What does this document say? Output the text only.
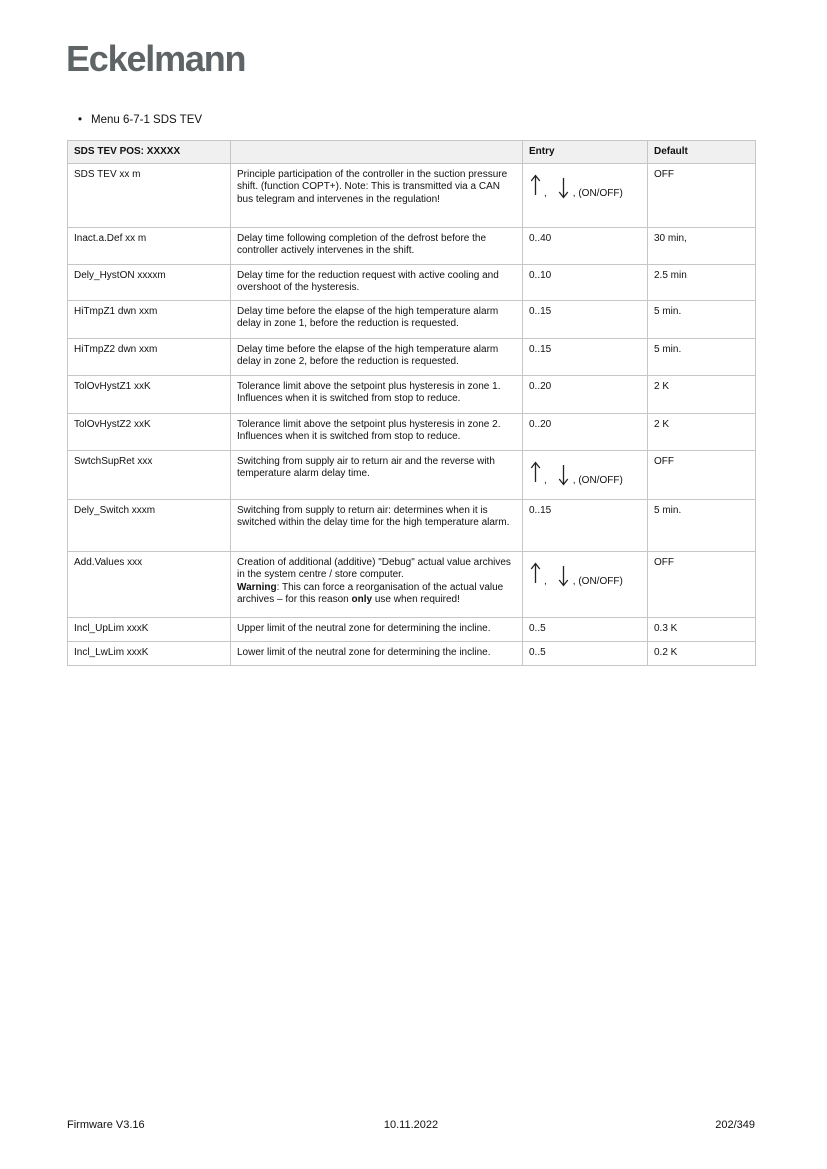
Eckelmann
• Menu 6-7-1 SDS TEV
SDS TEV POS: XXXXX		Entry	Default
SDS TEV xx m	Principle participation of the controller in the suction pressure shift. (function COPT+). Note: This is transmitted via a CAN bus telegram and intervenes in the regulation!	, , (ON/OFF)	OFF
Inact.a.Def xx m	Delay time following completion of the defrost before the controller actively intervenes in the shift.	0..40	30 min,
Dely_HystON xxxxm	Delay time for the reduction request with active cooling and overshoot of the hysteresis.	0..10	2.5 min
HiTmpZ1 dwn xxm	Delay time before the elapse of the high temperature alarm delay in zone 1, before the reduction is requested.	0..15	5 min.
HiTmpZ2 dwn xxm	Delay time before the elapse of the high temperature alarm delay in zone 2, before the reduction is requested.	0..15	5 min.
TolOvHystZ1 xxK	Tolerance limit above the setpoint plus hysteresis in zone 1. Influences when it is switched from stop to reduce.	0..20	2 K
TolOvHystZ2 xxK	Tolerance limit above the setpoint plus hysteresis in zone 2. Influences when it is switched from stop to reduce.	0..20	2 K
SwtchSupRet xxx	Switching from supply air to return air and the reverse with temperature alarm delay time.	, , (ON/OFF)	OFF
Dely_Switch xxxm	Switching from supply to return air: determines when it is switched within the delay time for the high temperature alarm.	0..15	5 min.
Add.Values xxx	Creation of additional (additive) "Debug" actual value archives in the system centre / store computer.
Warning: This can force a reorganisation of the actual value archives – for this reason only use when required!	, , (ON/OFF)	OFF
Incl_UpLim xxxK	Upper limit of the neutral zone for determining the incline.	0..5	0.3 K
Incl_LwLim xxxK	Lower limit of the neutral zone for determining the incline.	0..5	0.2 K
Firmware V3.16	10.11.2022	202/349
